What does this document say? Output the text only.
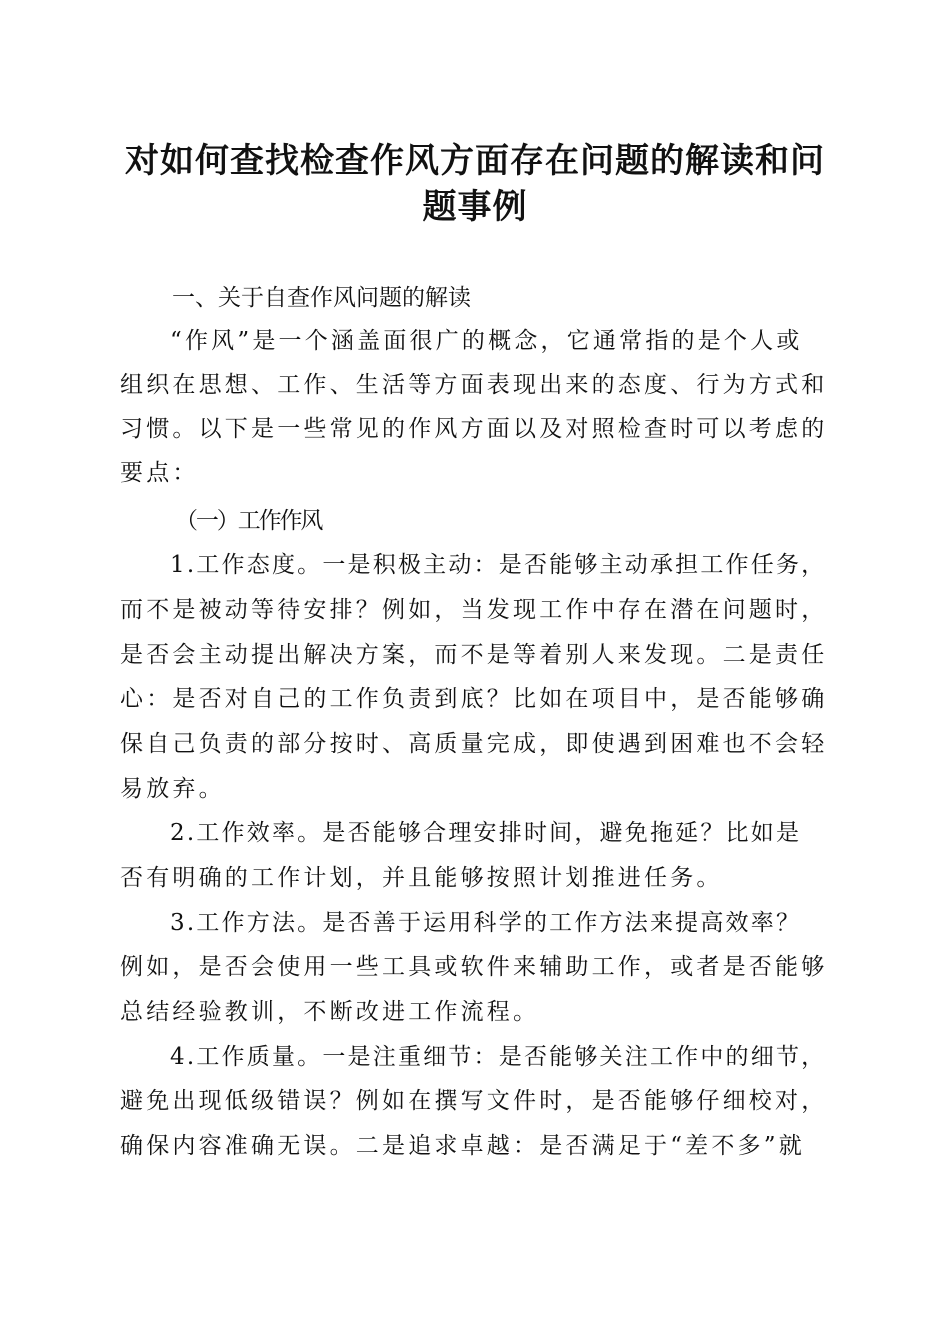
对如何查找检查作风方面存在问题的解读和问
题事例

一、关于自查作风问题的解读

“作风”是一个涵盖面很广的概念，它通常指的是个人或

组织在思想、工作、生活等方面表现出来的态度、行为方式和

习惯。以下是一些常见的作风方面以及对照检查时可以考虑的

要点：

（一）工作作风

1.工作态度。一是积极主动：是否能够主动承担工作任务，

而不是被动等待安排？例如，当发现工作中存在潜在问题时，

是否会主动提出解决方案，而不是等着别人来发现。二是责任

心：是否对自己的工作负责到底？比如在项目中，是否能够确

保自己负责的部分按时、高质量完成，即使遇到困难也不会轻

易放弃。

2.工作效率。是否能够合理安排时间，避免拖延？比如是

否有明确的工作计划，并且能够按照计划推进任务。

3.工作方法。是否善于运用科学的工作方法来提高效率？

例如，是否会使用一些工具或软件来辅助工作，或者是否能够

总结经验教训，不断改进工作流程。

4.工作质量。一是注重细节：是否能够关注工作中的细节，

避免出现低级错误？例如在撰写文件时，是否能够仔细校对，

确保内容准确无误。二是追求卓越：是否满足于“差不多”就
